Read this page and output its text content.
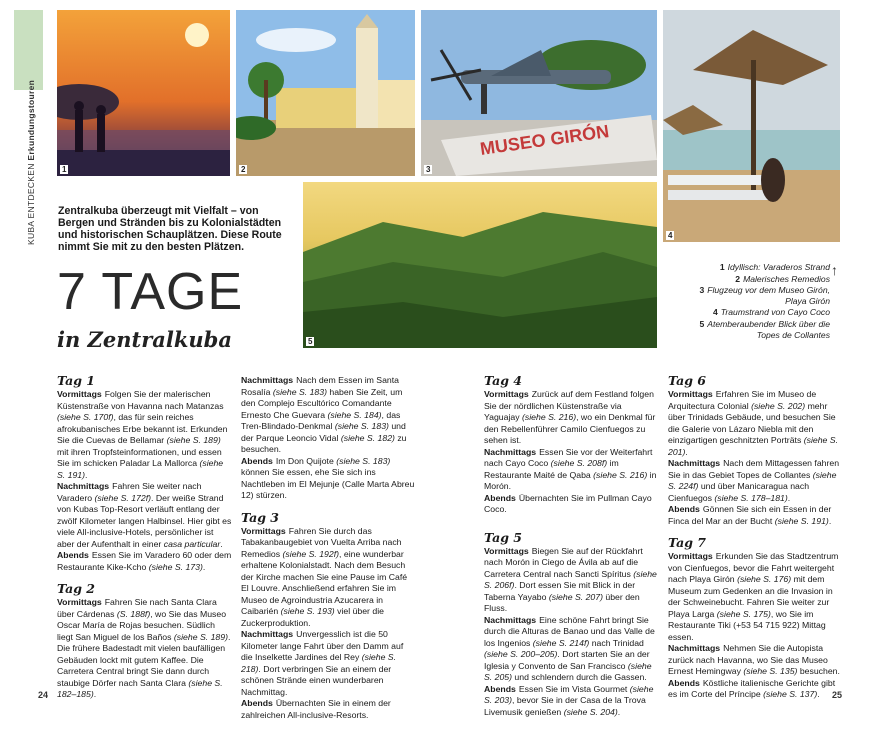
KUBA ENTDECKEN Erkundungstouren
1	2
MUSEO GIRÓN
3
4
5
Zentralkuba überzeugt mit Vielfalt – von Bergen und Stränden bis zu Kolonialstädten und historischen Schauplätzen. Diese Route nimmt Sie mit zu den besten Plätzen.
7 TAGE
in Zentralkuba
1 Idyllisch: Varaderos Strand
2 Malerisches Remedios
3 Flugzeug vor dem Museo Girón, Playa Girón
4 Traumstrand von Cayo Coco
5 Atemberaubender Blick über die Topes de Collantes
↑
Tag 1
Vormittags Folgen Sie der malerischen Küstenstraße von Havanna nach Matanzas (siehe S. 170f), das für sein reiches afrokubanisches Erbe bekannt ist. Erkunden Sie die Cuevas de Bellamar (siehe S. 189) mit ihren Tropfsteinformationen, und essen Sie im schicken Paladar La Mallorca (siehe S. 191).
Nachmittags Fahren Sie weiter nach Varadero (siehe S. 172f). Der weiße Strand von Kubas Top-Resort verläuft entlang der zwölf Kilometer langen Halbinsel. Hier gibt es viele All-inclusive-Hotels, persönlicher ist aber der Aufenthalt in einer casa particular.
Abends Essen Sie im Varadero 60 oder dem Restaurante Kike-Kcho (siehe S. 173).
Tag 2
Vormittags Fahren Sie nach Santa Clara über Cárdenas (S. 188f), wo Sie das Museo Oscar María de Rojas besuchen. Südlich liegt San Miguel de los Baños (siehe S. 189). Die frühere Badestadt mit vielen baufälligen Gebäuden lockt mit gutem Kaffee. Die Carretera Central bringt Sie dann durch staubige Dörfer nach Santa Clara (siehe S. 182–185).
Nachmittags Nach dem Essen im Santa Rosalía (siehe S. 183) haben Sie Zeit, um den Complejo Escultórico Comandante Ernesto Che Guevara (siehe S. 184), das Tren-Blindado-Denkmal (siehe S. 183) und der Parque Leoncio Vidal (siehe S. 182) zu besuchen.
Abends Im Don Quijote (siehe S. 183) können Sie essen, ehe Sie sich ins Nachtleben im El Mejunje (Calle Marta Abreu 12) stürzen.
Tag 3
Vormittags Fahren Sie durch das Tabakanbaugebiet von Vuelta Arriba nach Remedios (siehe S. 192f), eine wunderbar erhaltene Kolonialstadt. Nach dem Besuch der Kirche machen Sie eine Pause im Café El Louvre. Anschließend erfahren Sie im Museo de Agroindustria Azucarera in Caibarién (siehe S. 193) viel über die Zuckerproduktion.
Nachmittags Unvergesslich ist die 50 Kilometer lange Fahrt über den Damm auf die Inselkette Jardines del Rey (siehe S. 218). Dort verbringen Sie an einem der schönen Strände einen wunderbaren Nachmittag.
Abends Übernachten Sie in einem der zahlreichen All-inclusive-Resorts.
Tag 4
Vormittags Zurück auf dem Festland folgen Sie der nördlichen Küstenstraße via Yaguajay (siehe S. 216), wo ein Denkmal für den Rebellenführer Camilo Cienfuegos zu sehen ist.
Nachmittags Essen Sie vor der Weiterfahrt nach Cayo Coco (siehe S. 208f) im Restaurante Maité de Qaba (siehe S. 216) in Morón.
Abends Übernachten Sie im Pullman Cayo Coco.
Tag 5
Vormittags Biegen Sie auf der Rückfahrt nach Morón in Ciego de Ávila ab auf die Carretera Central nach Sancti Spíritus (siehe S. 206f). Dort essen Sie mit Blick in der Taberna Yayabo (siehe S. 207) über den Fluss.
Nachmittags Eine schöne Fahrt bringt Sie durch die Alturas de Banao und das Valle de los Ingenios (siehe S. 214f) nach Trinidad (siehe S. 200–205). Dort starten Sie an der Iglesia y Convento de San Francisco (siehe S. 205) und schlendern durch die Gassen.
Abends Essen Sie im Vista Gourmet (siehe S. 203), bevor Sie in der Casa de la Trova Livemusik genießen (siehe S. 204).
Tag 6
Vormittags Erfahren Sie im Museo de Arquitectura Colonial (siehe S. 202) mehr über Trinidads Gebäude, und besuchen Sie die Galerie von Lázaro Niebla mit den einzigartigen geschnitzten Porträts (siehe S. 201).
Nachmittags Nach dem Mittagessen fahren Sie in das Gebiet Topes de Collantes (siehe S. 224f) und über Manicaragua nach Cienfuegos (siehe S. 178–181).
Abends Gönnen Sie sich ein Essen in der Finca del Mar an der Bucht (siehe S. 191).
Tag 7
Vormittags Erkunden Sie das Stadtzentrum von Cienfuegos, bevor die Fahrt weitergeht nach Playa Girón (siehe S. 176) mit dem Museum zum Gedenken an die Invasion in der Schweinebucht. Fahren Sie weiter zur Playa Larga (siehe S. 175), wo Sie im Restaurante Tiki (+53 54 715 922) Mittag essen.
Nachmittags Nehmen Sie die Autopista zurück nach Havanna, wo Sie das Museo Ernest Hemingway (siehe S. 135) besuchen.
Abends Köstliche italienische Gerichte gibt es im Corte del Príncipe (siehe S. 137).
24	25
